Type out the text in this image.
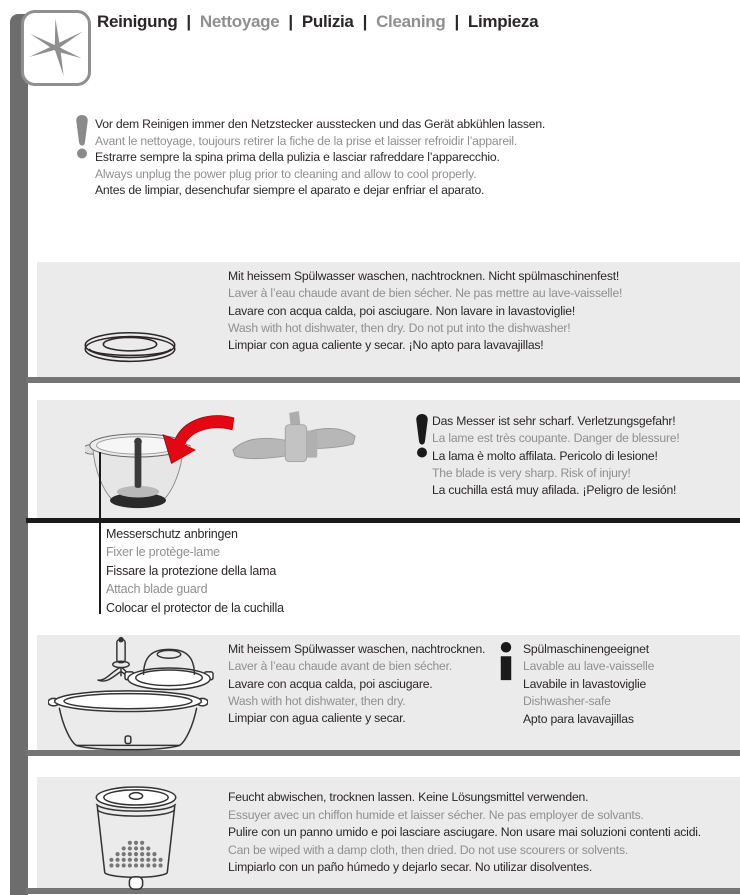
Reinigung | Nettoyage | Pulizia | Cleaning | Limpieza
Vor dem Reinigen immer den Netzstecker ausstecken und das Gerät abkühlen lassen.
Avant le nettoyage, toujours retirer la fiche de la prise et laisser refroidir l’appareil.
Estrarre sempre la spina prima della pulizia e lasciar rafreddare l’apparecchio.
Always unplug the power plug prior to cleaning and allow to cool properly.
Antes de limpiar, desenchufar siempre el aparato e dejar enfriar el aparato.
Mit heissem Spülwasser waschen, nachtrocknen. Nicht spülmaschinenfest!
Laver à l’eau chaude avant de bien sécher. Ne pas mettre au lave-vaisselle!
Lavare con acqua calda, poi asciugare. Non lavare in lavastoviglie!
Wash with hot dishwater, then dry. Do not put into the dishwasher!
Limpiar con agua caliente y secar. ¡No apto para lavavajillas!
Das Messer ist sehr scharf. Verletzungsgefahr!
La lame est très coupante. Danger de blessure!
La lama è molto affilata. Pericolo di lesione!
The blade is very sharp. Risk of injury!
La cuchilla está muy afilada. ¡Peligro de lesión!
Messerschutz anbringen
Fixer le protège-lame
Fissare la protezione della lama
Attach blade guard
Colocar el protector de la cuchilla
Mit heissem Spülwasser waschen, nachtrocknen.
Laver à l’eau chaude avant de bien sécher.
Lavare con acqua calda, poi asciugare.
Wash with hot dishwater, then dry.
Limpiar con agua caliente y secar.
Spülmaschinengeeignet
Lavable au lave-vaisselle
Lavabile in lavastoviglie
Dishwasher-safe
Apto para lavavajillas
Feucht abwischen, trocknen lassen. Keine Lösungsmittel verwenden.
Essuyer avec un chiffon humide et laisser sécher. Ne pas employer de solvants.
Pulire con un panno umido e poi lasciare asciugare. Non usare mai soluzioni contenti acidi.
Can be wiped with a damp cloth, then dried. Do not use scourers or solvents.
Limpiarlo con un paño húmedo y dejarlo secar. No utilizar disolventes.
